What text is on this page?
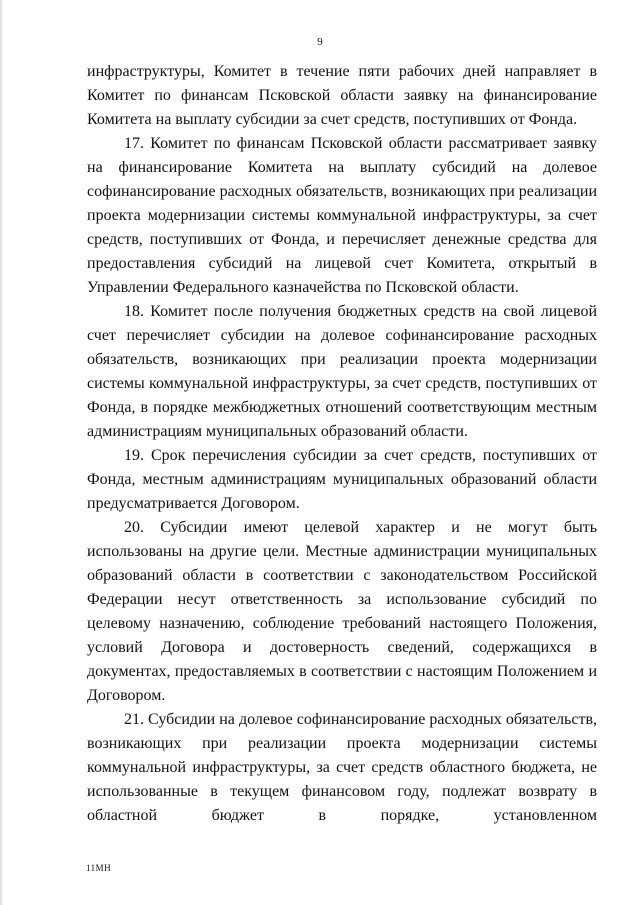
9

инфраструктуры, Комитет в течение пяти рабочих дней направляет в Комитет по финансам Псковской области заявку на финансирование Комитета на выплату субсидии за счет средств, поступивших от Фонда.

17. Комитет по финансам Псковской области рассматривает заявку на финансирование Комитета на выплату субсидий на долевое софинансирование расходных обязательств, возникающих при реализации проекта модернизации системы коммунальной инфраструктуры, за счет средств, поступивших от Фонда, и перечисляет денежные средства для предоставления субсидий на лицевой счет Комитета, открытый в Управлении Федерального казначейства по Псковской области.

18. Комитет после получения бюджетных средств на свой лицевой счет перечисляет субсидии на долевое софинансирование расходных обязательств, возникающих при реализации проекта модернизации системы коммунальной инфраструктуры, за счет средств, поступивших от Фонда, в порядке межбюджетных отношений соответствующим местным администрациям муниципальных образований области.

19. Срок перечисления субсидии за счет средств, поступивших от Фонда, местным администрациям муниципальных образований области предусматривается Договором.

20. Субсидии имеют целевой характер и не могут быть использованы на другие цели. Местные администрации муниципальных образований области в соответствии с законодательством Российской Федерации несут ответственность за использование субсидий по целевому назначению, соблюдение требований настоящего Положения, условий Договора и достоверность сведений, содержащихся в документах, предоставляемых в соответствии с настоящим Положением и Договором.

21. Субсидии на долевое софинансирование расходных обязательств, возникающих при реализации проекта модернизации системы коммунальной инфраструктуры, за счет средств областного бюджета, не использованные в текущем финансовом году, подлежат возврату в областной бюджет в порядке, установленном

11МН
